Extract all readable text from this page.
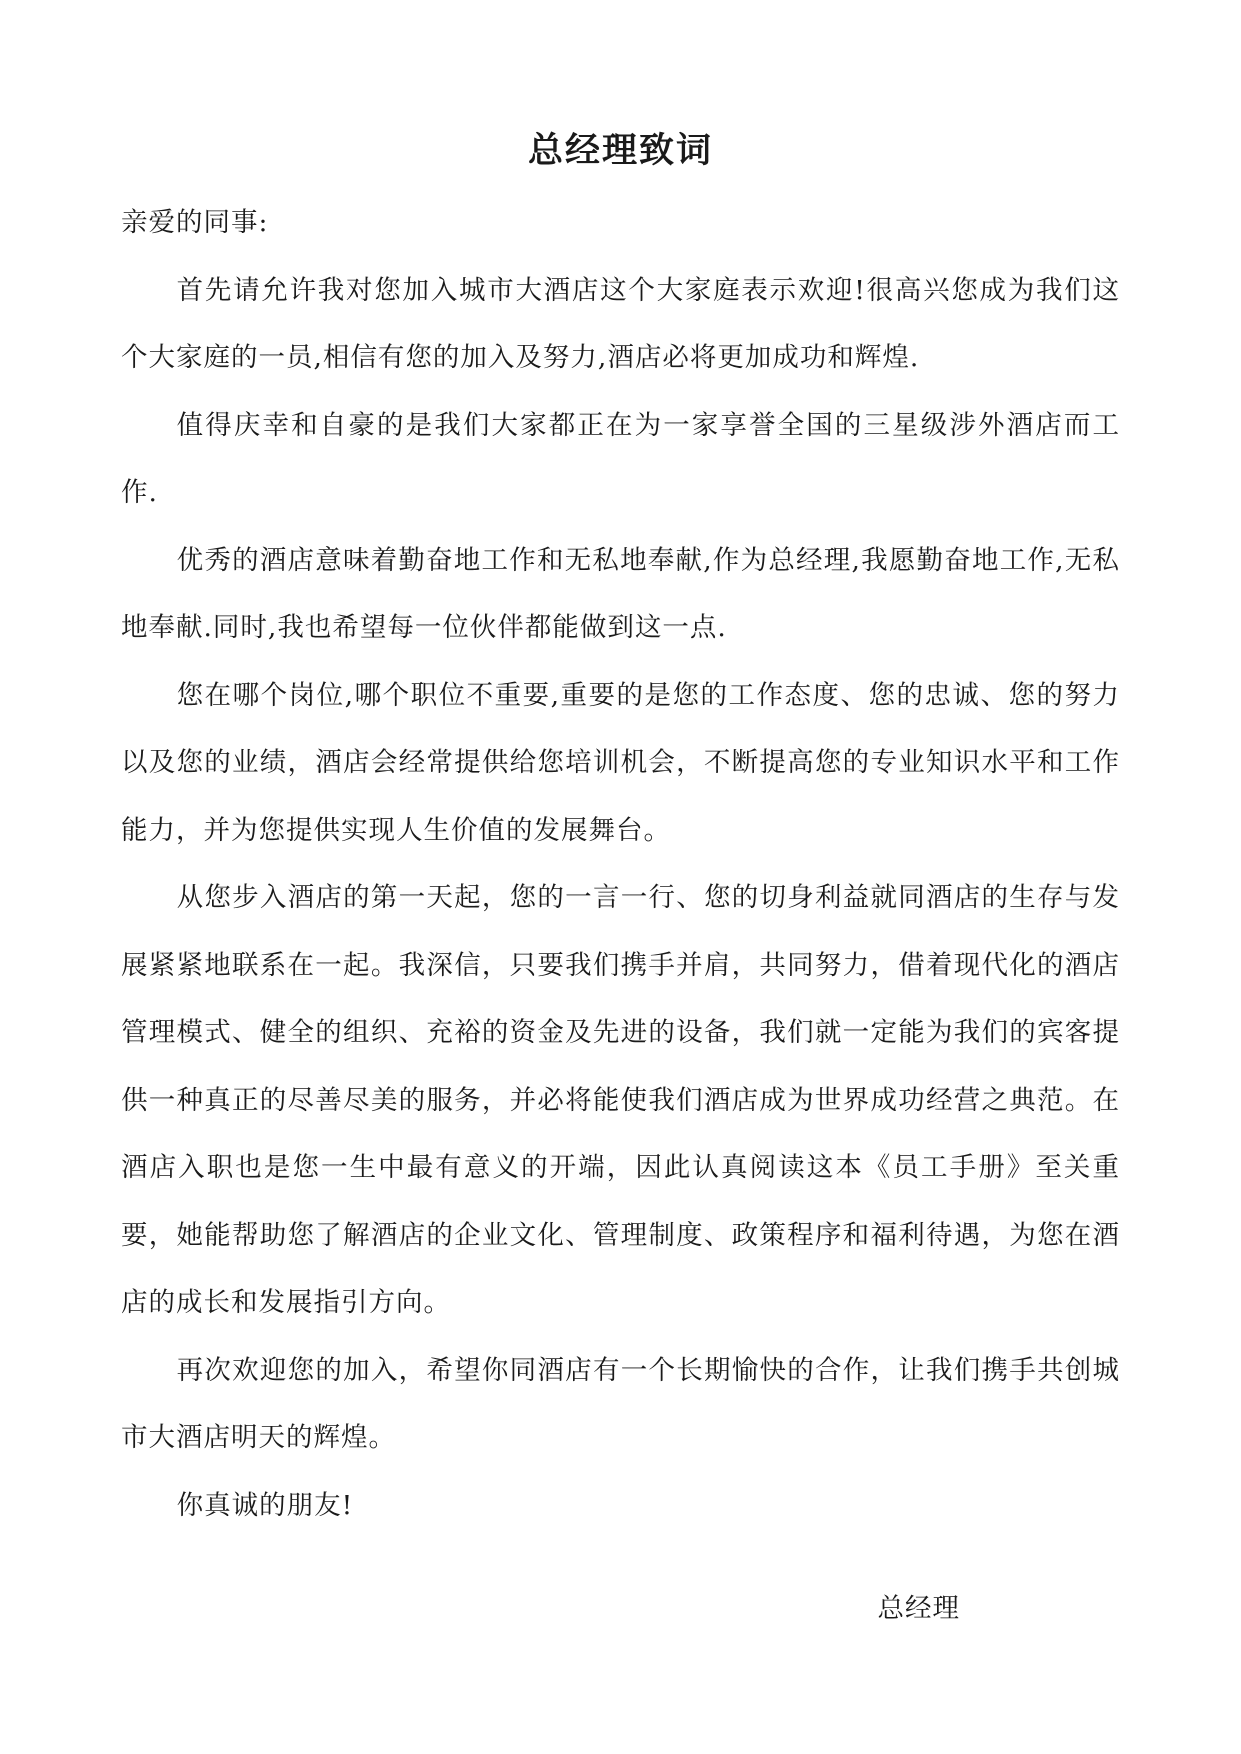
总经理致词

亲爱的同事:

首先请允许我对您加入城市大酒店这个大家庭表示欢迎!很高兴您成为我们这个大家庭的一员,相信有您的加入及努力,酒店必将更加成功和辉煌.

值得庆幸和自豪的是我们大家都正在为一家享誉全国的三星级涉外酒店而工作.

优秀的酒店意味着勤奋地工作和无私地奉献,作为总经理,我愿勤奋地工作,无私地奉献.同时,我也希望每一位伙伴都能做到这一点.

您在哪个岗位,哪个职位不重要,重要的是您的工作态度、您的忠诚、您的努力以及您的业绩，酒店会经常提供给您培训机会，不断提高您的专业知识水平和工作能力，并为您提供实现人生价值的发展舞台。

从您步入酒店的第一天起，您的一言一行、您的切身利益就同酒店的生存与发展紧紧地联系在一起。我深信，只要我们携手并肩，共同努力，借着现代化的酒店管理模式、健全的组织、充裕的资金及先进的设备，我们就一定能为我们的宾客提供一种真正的尽善尽美的服务，并必将能使我们酒店成为世界成功经营之典范。在酒店入职也是您一生中最有意义的开端，因此认真阅读这本《员工手册》至关重要，她能帮助您了解酒店的企业文化、管理制度、政策程序和福利待遇，为您在酒店的成长和发展指引方向。

再次欢迎您的加入，希望你同酒店有一个长期愉快的合作，让我们携手共创城市大酒店明天的辉煌。

你真诚的朋友!

总经理
